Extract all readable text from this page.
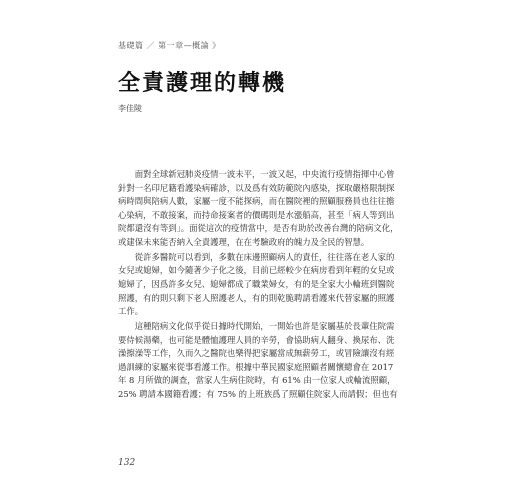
基礎篇 ／ 第一章—概論 》
全責護理的轉機
李佳陵
面對全球新冠肺炎疫情一波未平，一波又起，中央流行疫情指揮中心曾
針對一名印尼籍看護染病確診，以及爲有效防範院內感染，探取嚴格限制探
病時間與陪病人數，家屬一度不能探病，而在醫院裡的照顧服務員也往往擔
心染病，不敢接案，而持命接案者的價碼則是水漲船高，甚至「病人等到出
院都還沒有等到」。面從這次的疫情當中，是否有助於改善台灣的陪病文化，
或建保未來能否納入全責護理，在在考驗政府的魄力及全民的智慧。
從許多醫院可以看到，多數在床邊照顧病人的責任，往往落在老人家的
女兒或媳婦，如今隨著少子化之後，目前已經較少在病房看到年輕的女兒或
媳婦了，因爲許多女兒、媳婦都成了職業婦女，有的是全家大小輪班到醫院
照護，有的則只剩下老人照護老人，有的則乾脆聘請看護來代替家屬的照護
工作。
這種陪病文化似乎從日據時代開始，一開始也許是家屬基於長輩住院需
要侍候湯藥，也可能是體恤護理人員的辛勞，會協助病人翻身、換尿布、洗
澡擦澡等工作，久而久之醫院也樂得把家屬當成無薪勞工，或冒險讓沒有經
過訓練的家屬來從事看護工作。根據中華民國家庭照顧者關懷總會在 2017
年 8 月所做的調查，當家人生病住院時，有 61% 由一位家人或輪流照顧，
25% 聘請本國籍看護；有 75% 的上班族爲了照顧住院家人而請假；但也有
132
